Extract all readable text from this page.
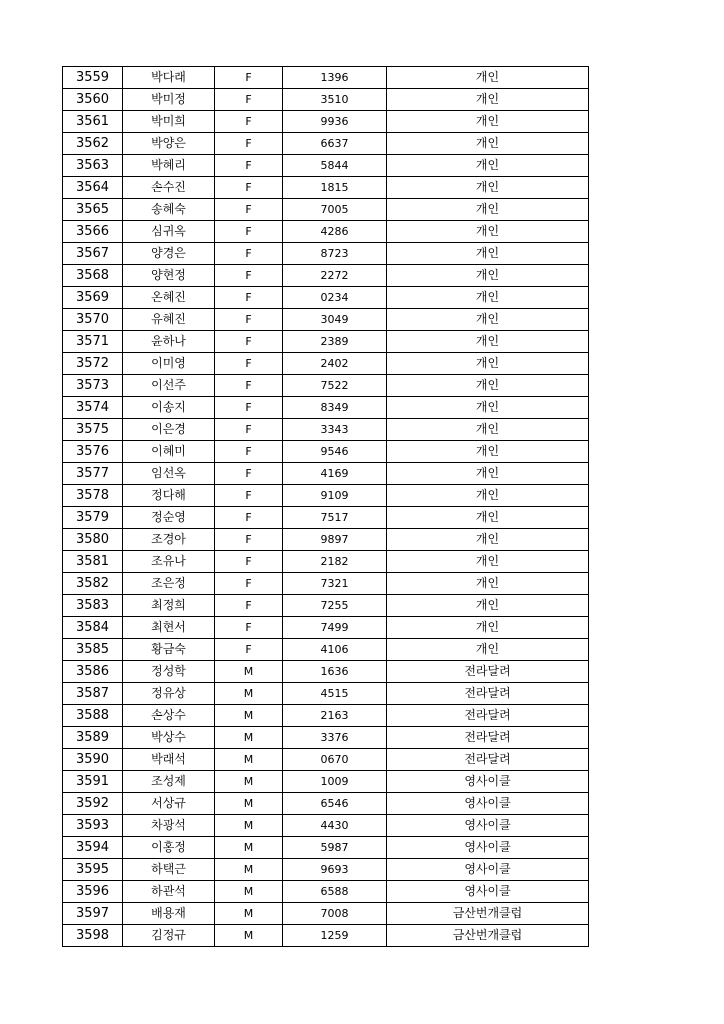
3559	박다래	F	1396	개인
3560	박미정	F	3510	개인
3561	박미희	F	9936	개인
3562	박양은	F	6637	개인
3563	박혜리	F	5844	개인
3564	손수진	F	1815	개인
3565	송혜숙	F	7005	개인
3566	심귀옥	F	4286	개인
3567	양경은	F	8723	개인
3568	양현정	F	2272	개인
3569	온혜진	F	0234	개인
3570	유혜진	F	3049	개인
3571	윤하나	F	2389	개인
3572	이미영	F	2402	개인
3573	이선주	F	7522	개인
3574	이송지	F	8349	개인
3575	이은경	F	3343	개인
3576	이혜미	F	9546	개인
3577	임선옥	F	4169	개인
3578	정다해	F	9109	개인
3579	정순영	F	7517	개인
3580	조경아	F	9897	개인
3581	조유나	F	2182	개인
3582	조은정	F	7321	개인
3583	최정희	F	7255	개인
3584	최현서	F	7499	개인
3585	황금숙	F	4106	개인
3586	정성학	M	1636	전라달려
3587	정유상	M	4515	전라달려
3588	손상수	M	2163	전라달려
3589	박상수	M	3376	전라달려
3590	박래석	M	0670	전라달려
3591	조성제	M	1009	영사이클
3592	서상규	M	6546	영사이클
3593	차광석	M	4430	영사이클
3594	이홍정	M	5987	영사이클
3595	하택근	M	9693	영사이클
3596	하관석	M	6588	영사이클
3597	배용재	M	7008	금산번개클럽
3598	김정규	M	1259	금산번개클럽
